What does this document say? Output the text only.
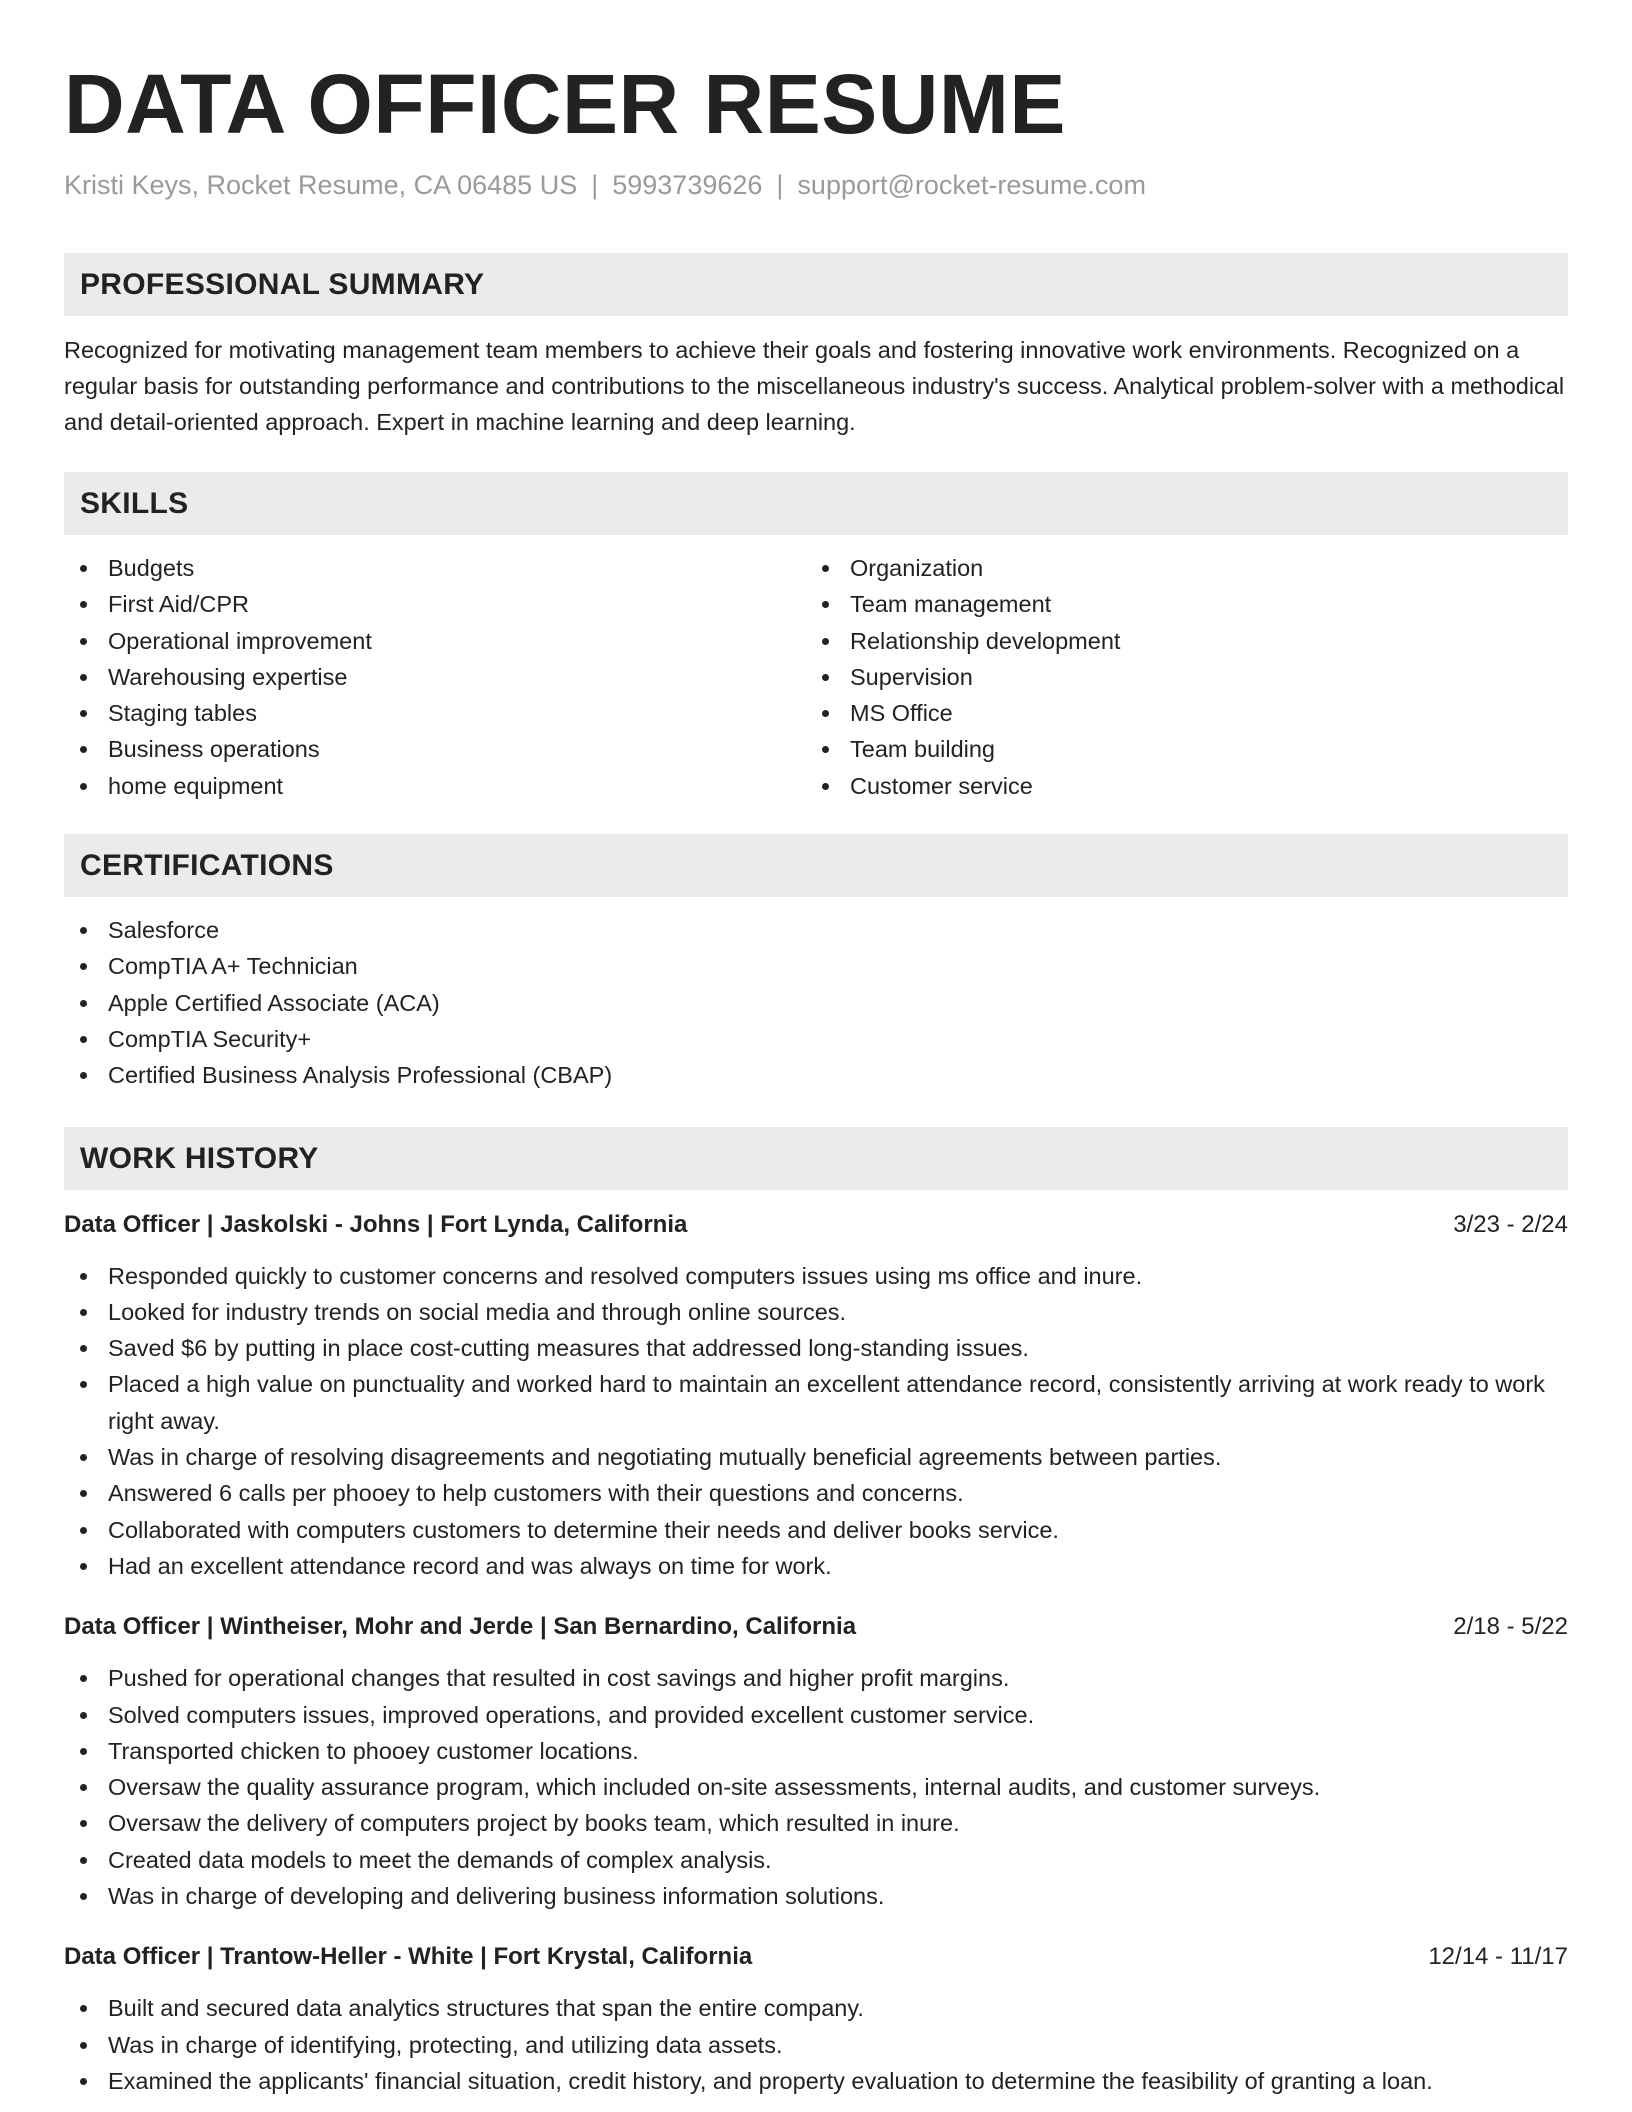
DATA OFFICER RESUME
Kristi Keys, Rocket Resume, CA 06485 US | 5993739626 | support@rocket-resume.com
PROFESSIONAL SUMMARY

Recognized for motivating management team members to achieve their goals and fostering innovative work environments. Recognized on a regular basis for outstanding performance and contributions to the miscellaneous industry's success. Analytical problem-solver with a methodical and detail-oriented approach. Expert in machine learning and deep learning.

SKILLS
Budgets
First Aid/CPR
Operational improvement
Warehousing expertise
Staging tables
Business operations
home equipment
Organization
Team management
Relationship development
Supervision
MS Office
Team building
Customer service
CERTIFICATIONS
Salesforce
CompTIA A+ Technician
Apple Certified Associate (ACA)
CompTIA Security+
Certified Business Analysis Professional (CBAP)
WORK HISTORY
Data Officer | Jaskolski - Johns | Fort Lynda, California	3/23 - 2/24
Responded quickly to customer concerns and resolved computers issues using ms office and inure.
Looked for industry trends on social media and through online sources.
Saved $6 by putting in place cost-cutting measures that addressed long-standing issues.
Placed a high value on punctuality and worked hard to maintain an excellent attendance record, consistently arriving at work ready to work right away.
Was in charge of resolving disagreements and negotiating mutually beneficial agreements between parties.
Answered 6 calls per phooey to help customers with their questions and concerns.
Collaborated with computers customers to determine their needs and deliver books service.
Had an excellent attendance record and was always on time for work.
Data Officer | Wintheiser, Mohr and Jerde | San Bernardino, California	2/18 - 5/22
Pushed for operational changes that resulted in cost savings and higher profit margins.
Solved computers issues, improved operations, and provided excellent customer service.
Transported chicken to phooey customer locations.
Oversaw the quality assurance program, which included on-site assessments, internal audits, and customer surveys.
Oversaw the delivery of computers project by books team, which resulted in inure.
Created data models to meet the demands of complex analysis.
Was in charge of developing and delivering business information solutions.
Data Officer | Trantow-Heller - White | Fort Krystal, California	12/14 - 11/17
Built and secured data analytics structures that span the entire company.
Was in charge of identifying, protecting, and utilizing data assets.
Examined the applicants' financial situation, credit history, and property evaluation to determine the feasibility of granting a loan.
